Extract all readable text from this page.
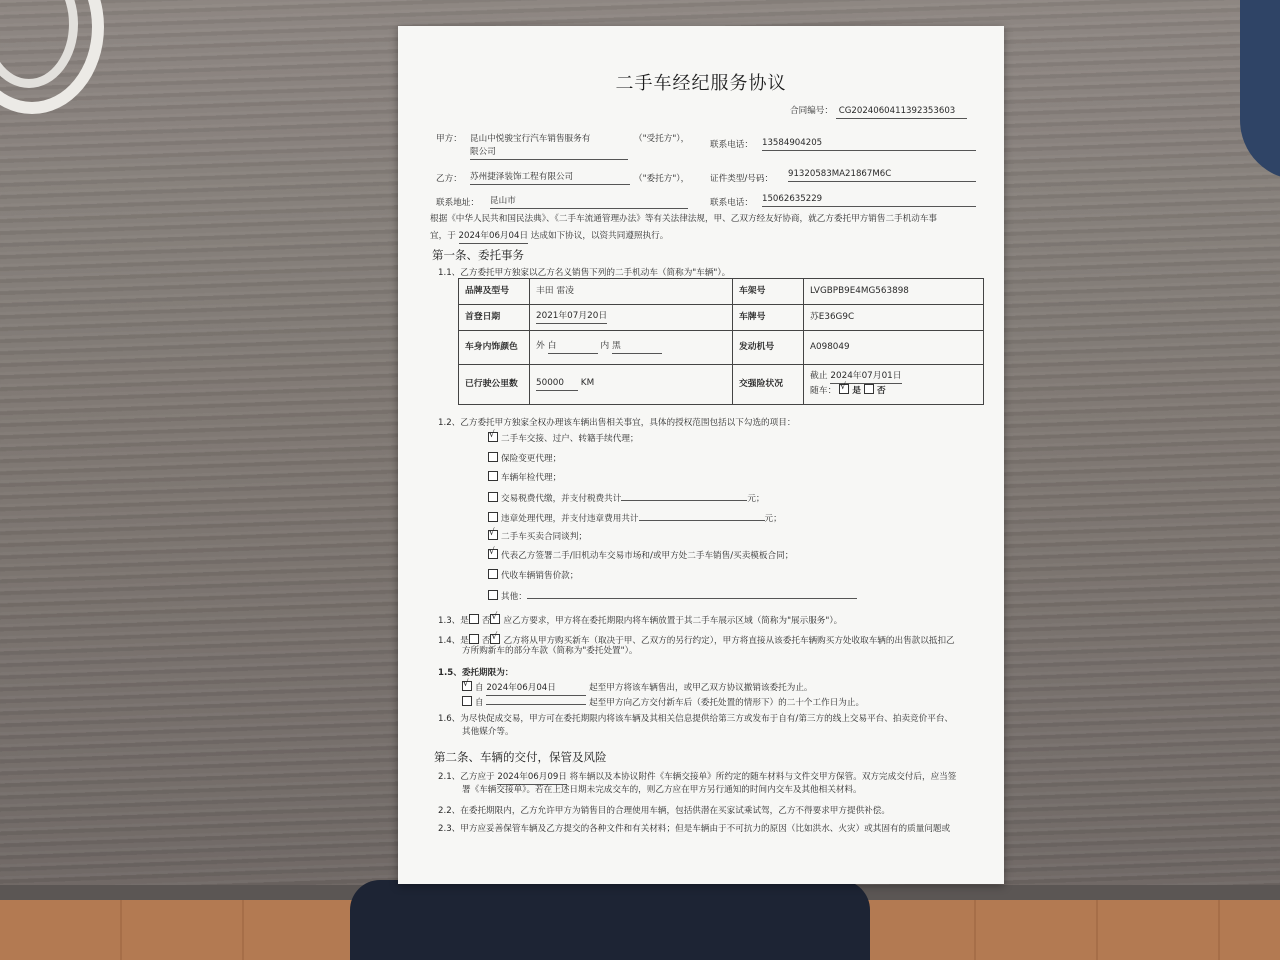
二手车经纪服务协议
合同编号： CG2024060411392353603
甲方： 昆山中悦骏宝行汽车销售服务有
限公司
（"受托方"），
联系电话： 13584904205
乙方： 苏州捷泽装饰工程有限公司	（"委托方"）， 证件类型/号码： 91320583MA21867M6C
联系地址： 昆山市	联系电话： 15062635229
根据《中华人民共和国民法典》、《二手车流通管理办法》等有关法律法规，甲、乙双方经友好协商，就乙方委托甲方销售二手机动车事
宜，于 2024年06月04日 达成如下协议，以资共同遵照执行。
第一条、委托事务
1.1、乙方委托甲方独家以乙方名义销售下列的二手机动车（简称为"车辆"）。
品牌及型号	丰田 雷凌	车架号	LVGBPB9E4MG563898
首登日期	2021年07月20日	车牌号	苏E36G9C
车身内饰颜色	外 白 内 黑	发动机号	A098049
已行驶公里数	50000 KM	交强险状况	截止 2024年07月01日
随车： √ 是 否
1.2、乙方委托甲方独家全权办理该车辆出售相关事宜，具体的授权范围包括以下勾选的项目：
1.3、是 否 √ 应乙方要求，甲方将在委托期限内将车辆放置于其二手车展示区域（简称为"展示服务"）。
1.4、是 否 √ 乙方将从甲方购买新车（取决于甲、乙双方的另行约定），甲方将直接从该委托车辆购买方处收取车辆的出售款以抵扣乙
方所购新车的部分车款（简称为"委托处置"）。
1.5、委托期限为：
√自 2024年06月04日	起至甲方将该车辆售出，或甲乙双方协议撤销该委托为止。
自	起至甲方向乙方交付新车后（委托处置的情形下）的二十个工作日为止。
1.6、为尽快促成交易，甲方可在委托期限内将该车辆及其相关信息提供给第三方或发布于自有/第三方的线上交易平台、拍卖竞价平台、
其他媒介等。
第二条、车辆的交付，保管及风险
2.1、乙方应于 2024年06月09日 将车辆以及本协议附件《车辆交接单》所约定的随车材料与文件交甲方保管。双方完成交付后，应当签
署《车辆交接单》。若在上述日期未完成交车的，则乙方应在甲方另行通知的时间内交车及其他相关材料。
2.2、在委托期限内，乙方允许甲方为销售目的合理使用车辆，包括供潜在买家试乘试驾，乙方不得要求甲方提供补偿。
2.3、甲方应妥善保管车辆及乙方提交的各种文件和有关材料；但是车辆由于不可抗力的原因（比如洪水、火灾）或其固有的质量问题或
√二手车交接、过户、转籍手续代理；
保险变更代理；
车辆年检代理；
交易税费代缴，并支付税费共计	元；
违章处理代理，并支付违章费用共计	元；
√二手车买卖合同谈判；
√代表乙方签署二手/旧机动车交易市场和/或甲方处二手车销售/买卖模板合同；
代收车辆销售价款；
其他：
